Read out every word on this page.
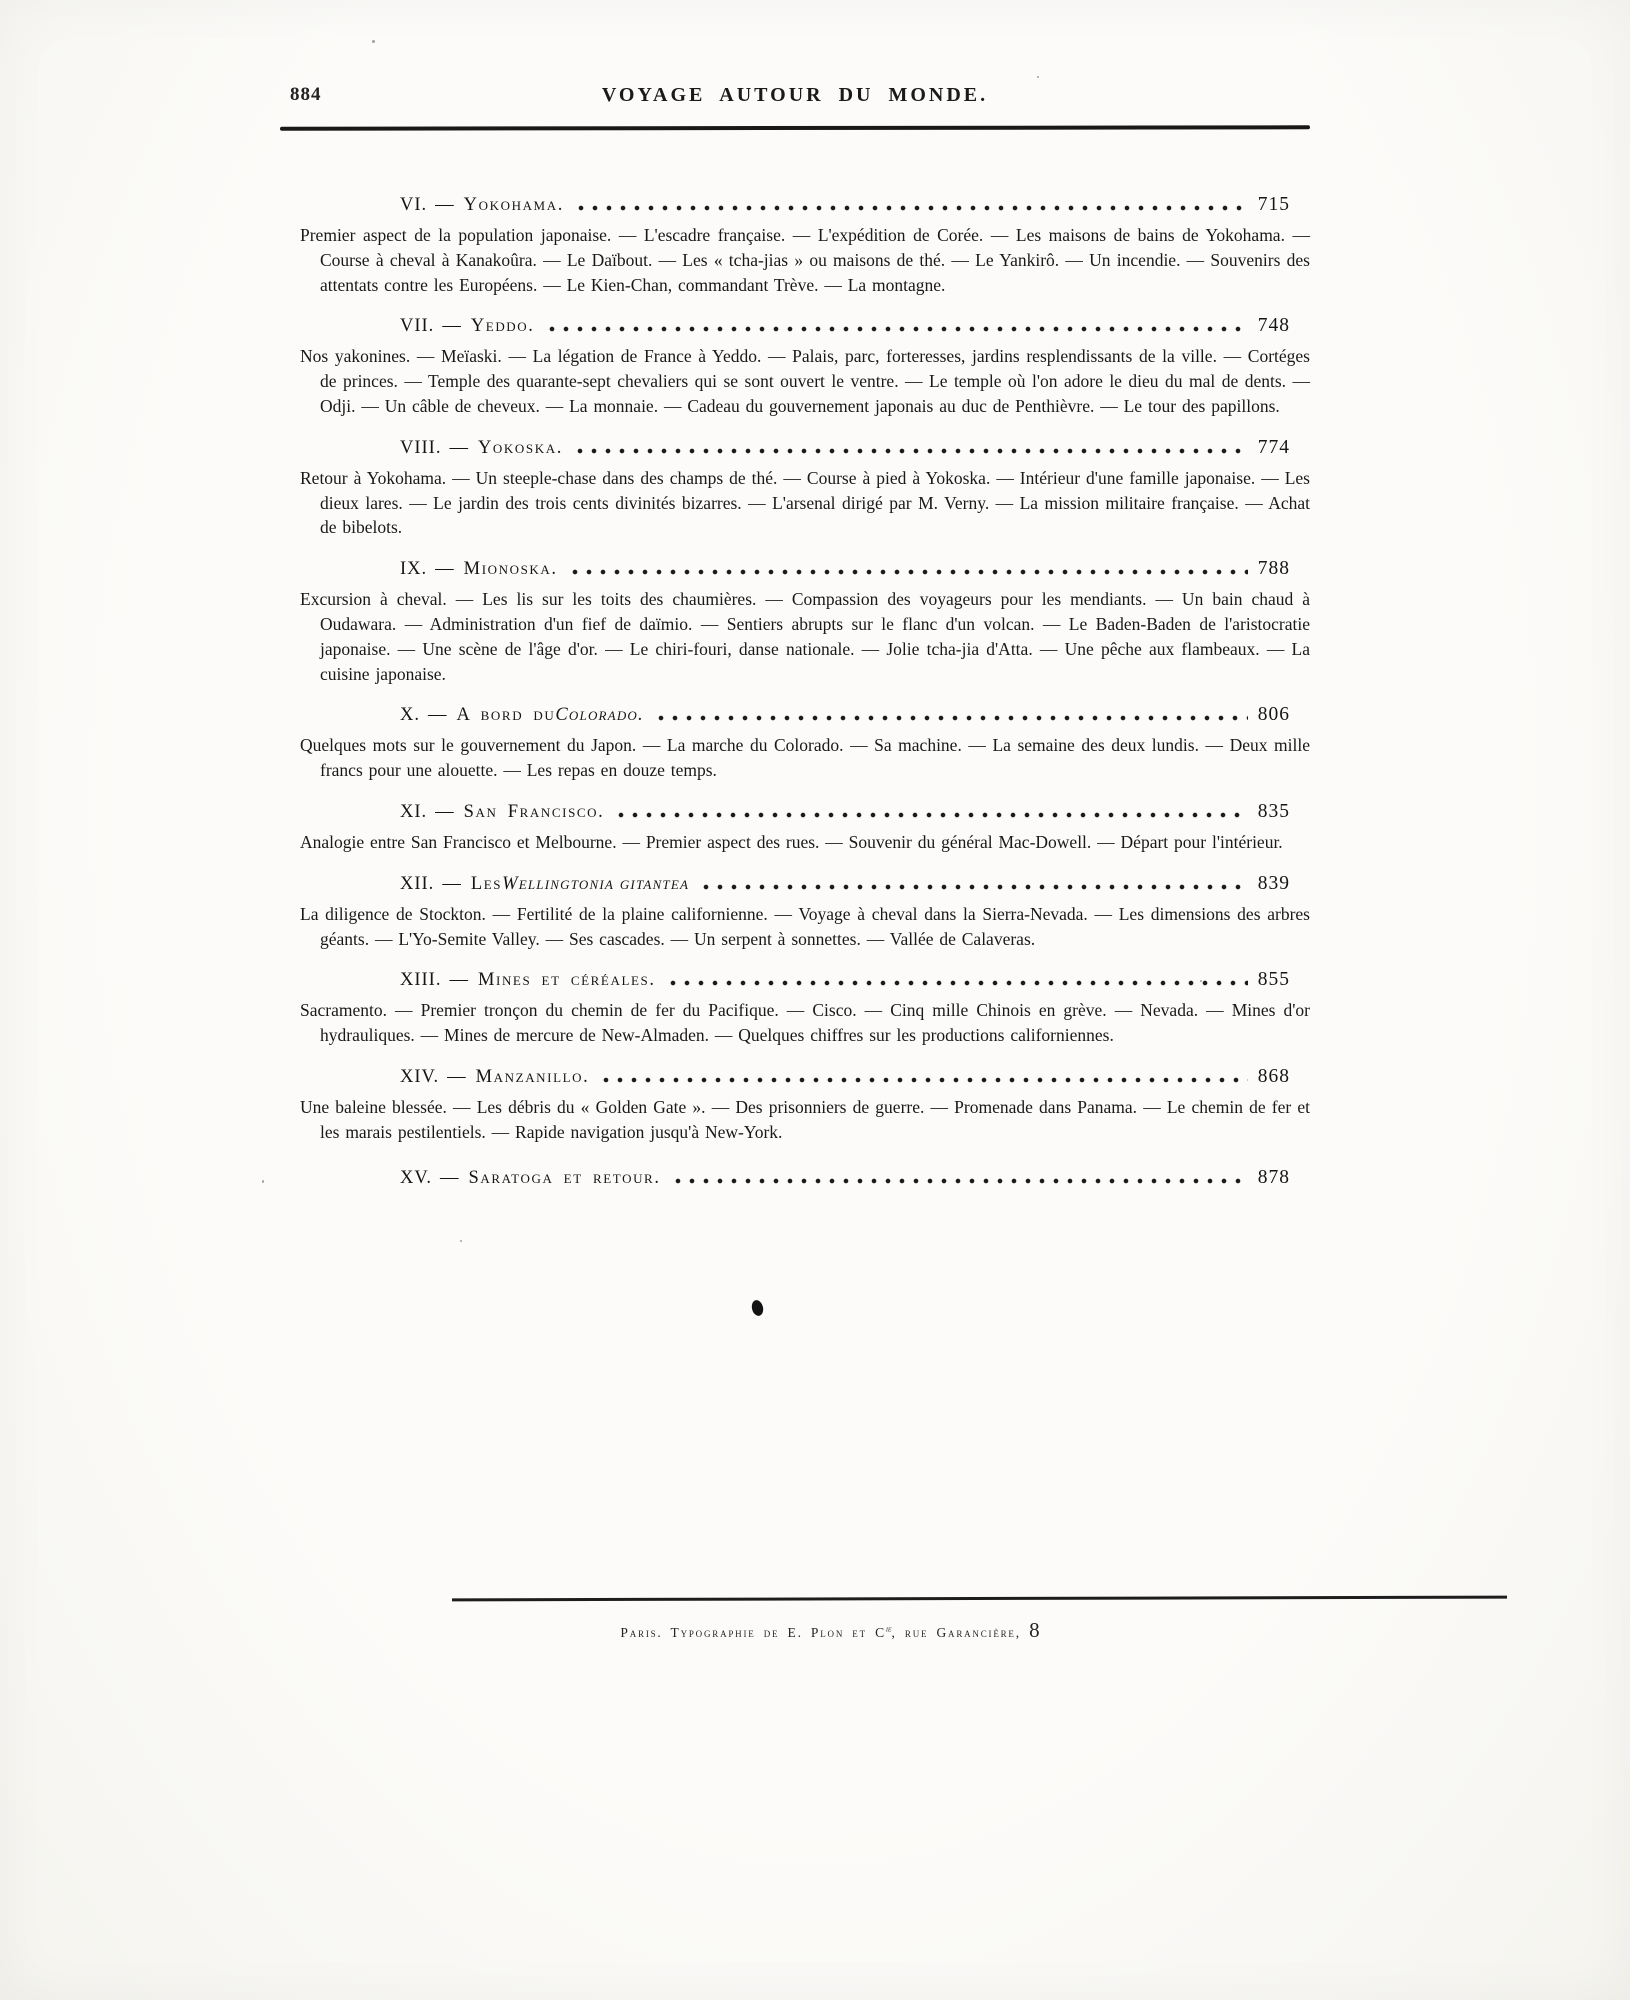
884	VOYAGE AUTOUR DU MONDE.
VI. — Yokohama.	715

Premier aspect de la population japonaise. — L'escadre française. — L'expédition de Corée. — Les maisons de bains de Yokohama. — Course à cheval à Kanakoûra. — Le Daïbout. — Les « tcha-jias » ou maisons de thé. — Le Yankirô. — Un incendie. — Souvenirs des attentats contre les Européens. — Le Kien-Chan, commandant Trève. — La montagne.

VII. — Yeddo.	748

Nos yakonines. — Meïaski. — La légation de France à Yeddo. — Palais, parc, forteresses, jardins resplendissants de la ville. — Cortéges de princes. — Temple des quarante-sept chevaliers qui se sont ouvert le ventre. — Le temple où l'on adore le dieu du mal de dents. — Odji. — Un câble de cheveux. — La monnaie. — Cadeau du gouvernement japonais au duc de Penthièvre. — Le tour des papillons.

VIII. — Yokoska.	774

Retour à Yokohama. — Un steeple-chase dans des champs de thé. — Course à pied à Yokoska. — Intérieur d'une famille japonaise. — Les dieux lares. — Le jardin des trois cents divinités bizarres. — L'arsenal dirigé par M. Verny. — La mission militaire française. — Achat de bibelots.

IX. — Mionoska.	788

Excursion à cheval. — Les lis sur les toits des chaumières. — Compassion des voyageurs pour les mendiants. — Un bain chaud à Oudawara. — Administration d'un fief de daïmio. — Sentiers abrupts sur le flanc d'un volcan. — Le Baden-Baden de l'aristocratie japonaise. — Une scène de l'âge d'or. — Le chiri-fouri, danse nationale. — Jolie tcha-jia d'Atta. — Une pêche aux flambeaux. — La cuisine japonaise.

X. — A bord du Colorado.	806

Quelques mots sur le gouvernement du Japon. — La marche du Colorado. — Sa machine. — La semaine des deux lundis. — Deux mille francs pour une alouette. — Les repas en douze temps.

XI. — San Francisco.	835

Analogie entre San Francisco et Melbourne. — Premier aspect des rues. — Souvenir du général Mac-Dowell. — Départ pour l'intérieur.

XII. — Les Wellingtonia gitantea	839

La diligence de Stockton. — Fertilité de la plaine californienne. — Voyage à cheval dans la Sierra-Nevada. — Les dimensions des arbres géants. — L'Yo-Semite Valley. — Ses cascades. — Un serpent à sonnettes. — Vallée de Calaveras.

XIII. — Mines et céréales.	855

Sacramento. — Premier tronçon du chemin de fer du Pacifique. — Cisco. — Cinq mille Chinois en grève. — Nevada. — Mines d'or hydrauliques. — Mines de mercure de New-Almaden. — Quelques chiffres sur les productions californiennes.

XIV. — Manzanillo.	868

Une baleine blessée. — Les débris du « Golden Gate ». — Des prisonniers de guerre. — Promenade dans Panama. — Le chemin de fer et les marais pestilentiels. — Rapide navigation jusqu'à New-York.

XV. — Saratoga et retour.	878
Paris. Typographie de E. Plon et $C^{ie}$, rue Garancière, 8
